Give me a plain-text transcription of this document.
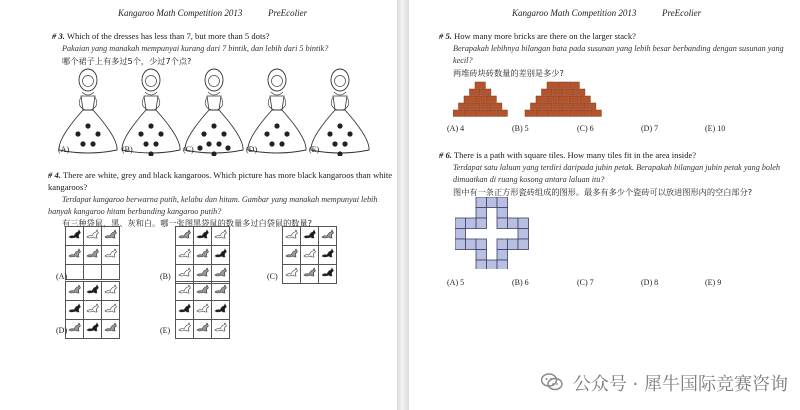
Kangaroo Math Competition 2013	PreEcolier
# 3. Which of the dresses has less than 7, but more than 5 dots?
Pakaian yang manakah mempunyai kurang dari 7 bintik, dan lebih dari 5 bintik?
哪个裙子上有多过5个，少过7个点?
(A)	(B)	(C)	(D)	(E)
# 4. There are white, grey and black kangaroos. Which picture has more black kangaroos than white
kangaroos?
Terdapat kangaroo berwarna putih, kelabu dan hitam. Gambar yang manakah mempunyai lebih
banyak kangaroo hitam berbanding kangaroo putih?
有三种袋鼠，黑、灰和白。哪一张图黑袋鼠的数量多过白袋鼠的数量?

(A)	(B)	(C)
(D)	(E)
Kangaroo Math Competition 2013	PreEcolier
# 5. How many more bricks are there on the larger stack?
Berapakah lebihnya bilangan bata pada susunan yang lebih besar berbanding dengan susunan yang
kecil?
两堆砖块砖数量的差别是多少?
(A) 4	(B) 5	(C) 6	(D) 7	(E) 10
# 6. There is a path with square tiles. How many tiles fit in the area inside?
Terdapat satu laluan yang terdiri daripada jubin petak. Berapakah bilangan jubin petak yang boleh
dimuatkan di ruang kosong antara laluan itu?
图中有一条正方形瓷砖组成的图形。最多有多少个瓷砖可以放进图形内的空白部分?
(A) 5	(B) 6	(C) 7	(D) 8	(E) 9
公众号 · 犀牛国际竞赛咨询
